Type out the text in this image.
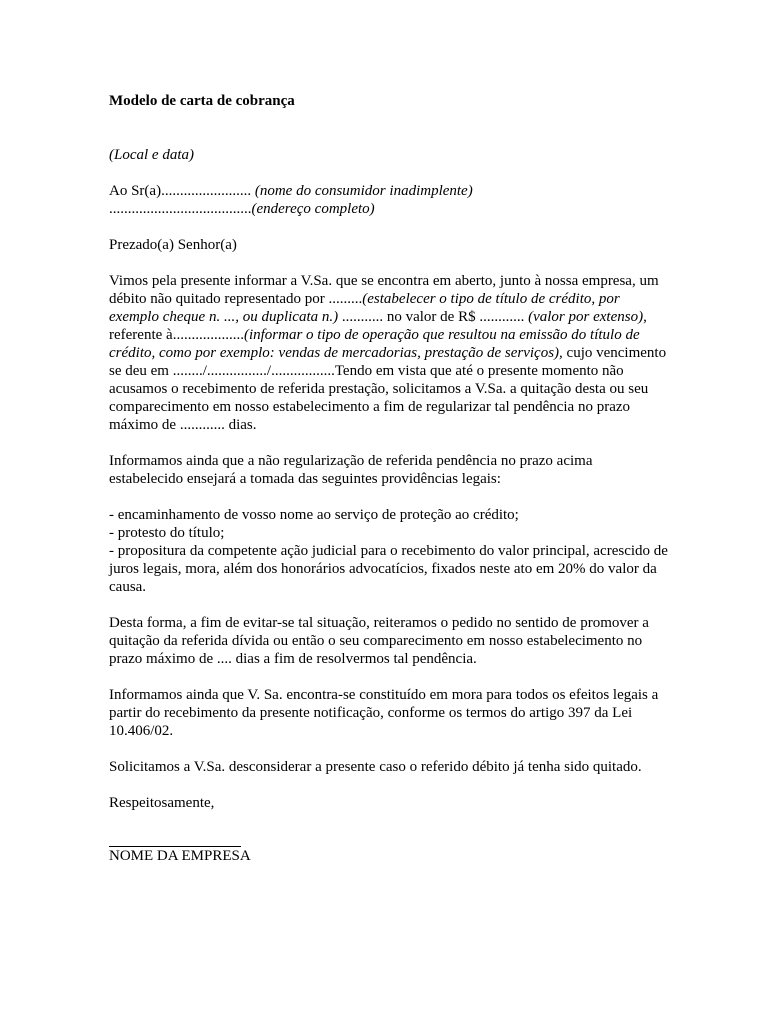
Modelo de carta de cobrança

(Local e data)

Ao Sr(a)........................ (nome do consumidor inadimplente)

......................................(endereço completo)

Prezado(a) Senhor(a)

Vimos pela presente informar a V.Sa. que se encontra em aberto, junto à nossa empresa, um débito não quitado representado por .........(estabelecer o tipo de título de crédito, por exemplo cheque n. ..., ou duplicata n.) ........... no valor de R$ ............ (valor por extenso), referente à...................(informar o tipo de operação que resultou na emissão do título de crédito, como por exemplo: vendas de mercadorias, prestação de serviços), cujo vencimento se deu em ......../................/.................Tendo em vista que até o presente momento não acusamos o recebimento de referida prestação, solicitamos a V.Sa. a quitação desta ou seu comparecimento em nosso estabelecimento a fim de regularizar tal pendência no prazo máximo de ............ dias.

Informamos ainda que a não regularização de referida pendência no prazo acima estabelecido ensejará a tomada das seguintes providências legais:

- encaminhamento de vosso nome ao serviço de proteção ao crédito;

- protesto do título;

- propositura da competente ação judicial para o recebimento do valor principal, acrescido de juros legais, mora, além dos honorários advocatícios, fixados neste ato em 20% do valor da causa.

Desta forma, a fim de evitar-se tal situação, reiteramos o pedido no sentido de promover a quitação da referida dívida ou então o seu comparecimento em nosso estabelecimento no prazo máximo de .... dias a fim de resolvermos tal pendência.

Informamos ainda que V. Sa. encontra-se constituído em mora para todos os efeitos legais a partir do recebimento da presente notificação, conforme os termos do artigo 397 da Lei 10.406/02.

Solicitamos a V.Sa. desconsiderar a presente caso o referido débito já tenha sido quitado.

Respeitosamente,

NOME DA EMPRESA
